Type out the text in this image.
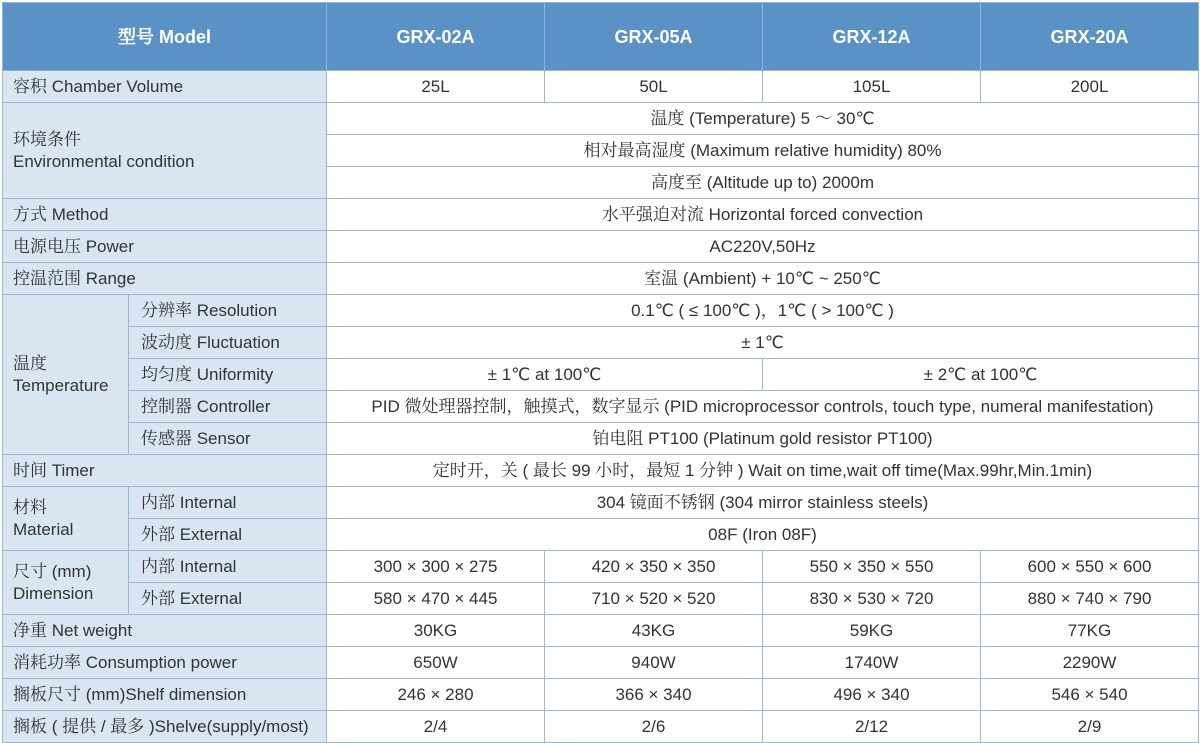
型号 Model		GRX-02A	GRX-05A	GRX-12A	GRX-20A
容积 Chamber Volume		25L	50L	105L	200L
环境条件
Environmental condition		温度 (Temperature) 5 ～ 30℃			
		相对最高湿度 (Maximum relative humidity) 80%			
		高度至 (Altitude up to) 2000m			
方式 Method		水平强迫对流 Horizontal forced convection			
电源电压 Power		AC220V,50Hz			
控温范围 Range		室温 (Ambient) + 10℃ ~ 250℃			
温度
Temperature	分辨率 Resolution	0.1℃ ( ≤ 100℃ )，1℃ ( > 100℃ )			
	波动度 Fluctuation	± 1℃			
	均匀度 Uniformity	± 1℃ at 100℃		± 2℃ at 100℃	
	控制器 Controller	PID 微处理器控制，触摸式，数字显示 (PID microprocessor controls, touch type, numeral manifestation)			
	传感器 Sensor	铂电阻 PT100 (Platinum gold resistor PT100)			
时间 Timer		定时开，关 ( 最长 99 小时，最短 1 分钟 ) Wait on time,wait off time(Max.99hr,Min.1min)			
材料
Material	内部 Internal	304 镜面不锈钢 (304 mirror stainless steels)			
	外部 External	08F (Iron 08F)			
尺寸 (mm)
Dimension	内部 Internal	300 × 300 × 275	420 × 350 × 350	550 × 350 × 550	600 × 550 × 600
	外部 External	580 × 470 × 445	710 × 520 × 520	830 × 530 × 720	880 × 740 × 790
净重 Net weight		30KG	43KG	59KG	77KG
消耗功率 Consumption power		650W	940W	1740W	2290W
搁板尺寸 (mm)Shelf dimension		246 × 280	366 × 340	496 × 340	546 × 540
搁板 ( 提供 / 最多 )Shelve(supply/most)		2/4	2/6	2/12	2/9
